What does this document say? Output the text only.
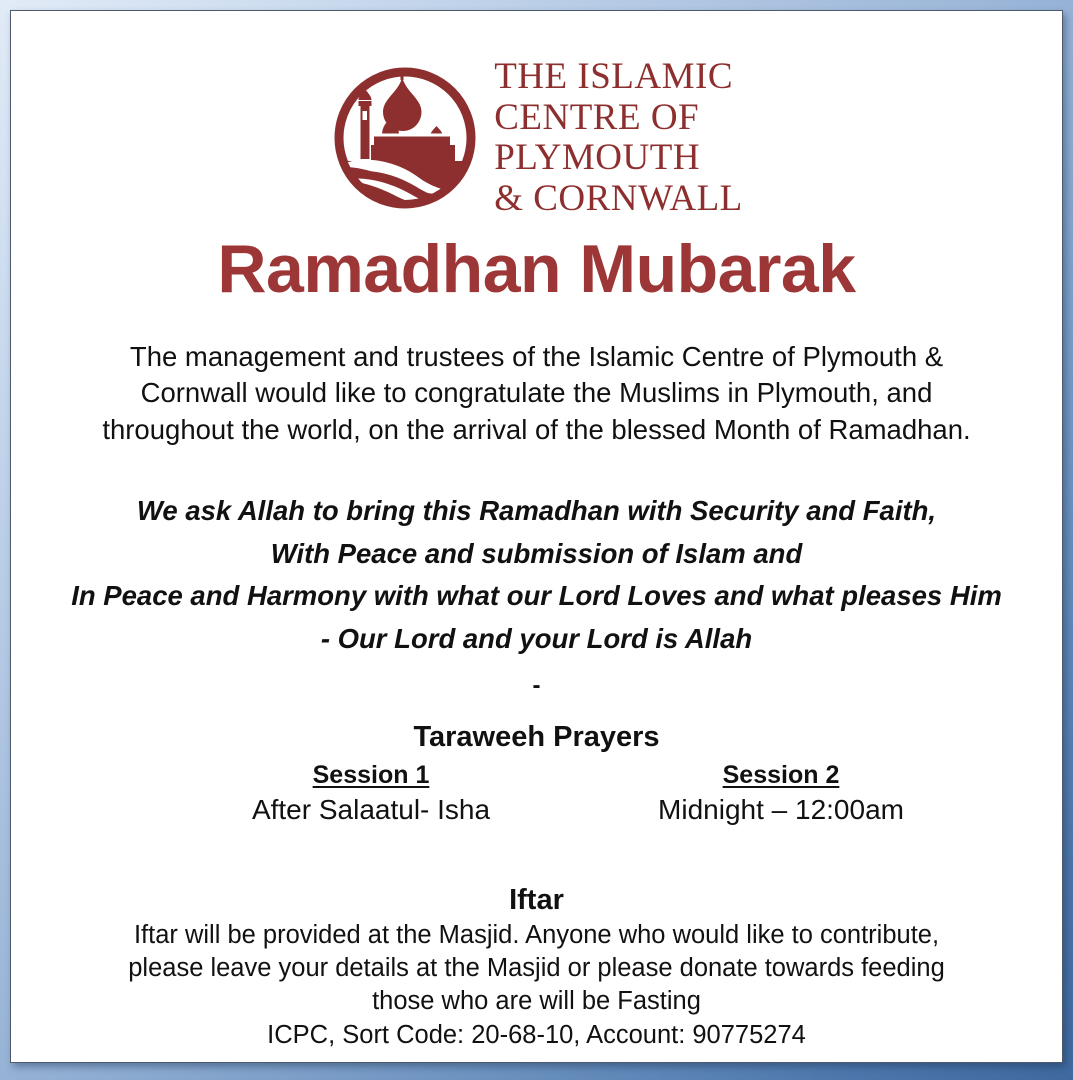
THE ISLAMIC
CENTRE OF
PLYMOUTH
& CORNWALL
Ramadhan Mubarak
The management and trustees of the Islamic Centre of Plymouth &
Cornwall would like to congratulate the Muslims in Plymouth, and
throughout the world, on the arrival of the blessed Month of Ramadhan.
We ask Allah to bring this Ramadhan with Security and Faith,
With Peace and submission of Islam and
In Peace and Harmony with what our Lord Loves and what pleases Him
- Our Lord and your Lord is Allah
-
Taraweeh Prayers
Session 1
After Salaatul- Isha
Session 2
Midnight – 12:00am
Iftar
Iftar will be provided at the Masjid. Anyone who would like to contribute,
please leave your details at the Masjid or please donate towards feeding
those who are will be Fasting
ICPC, Sort Code: 20-68-10, Account: 90775274
